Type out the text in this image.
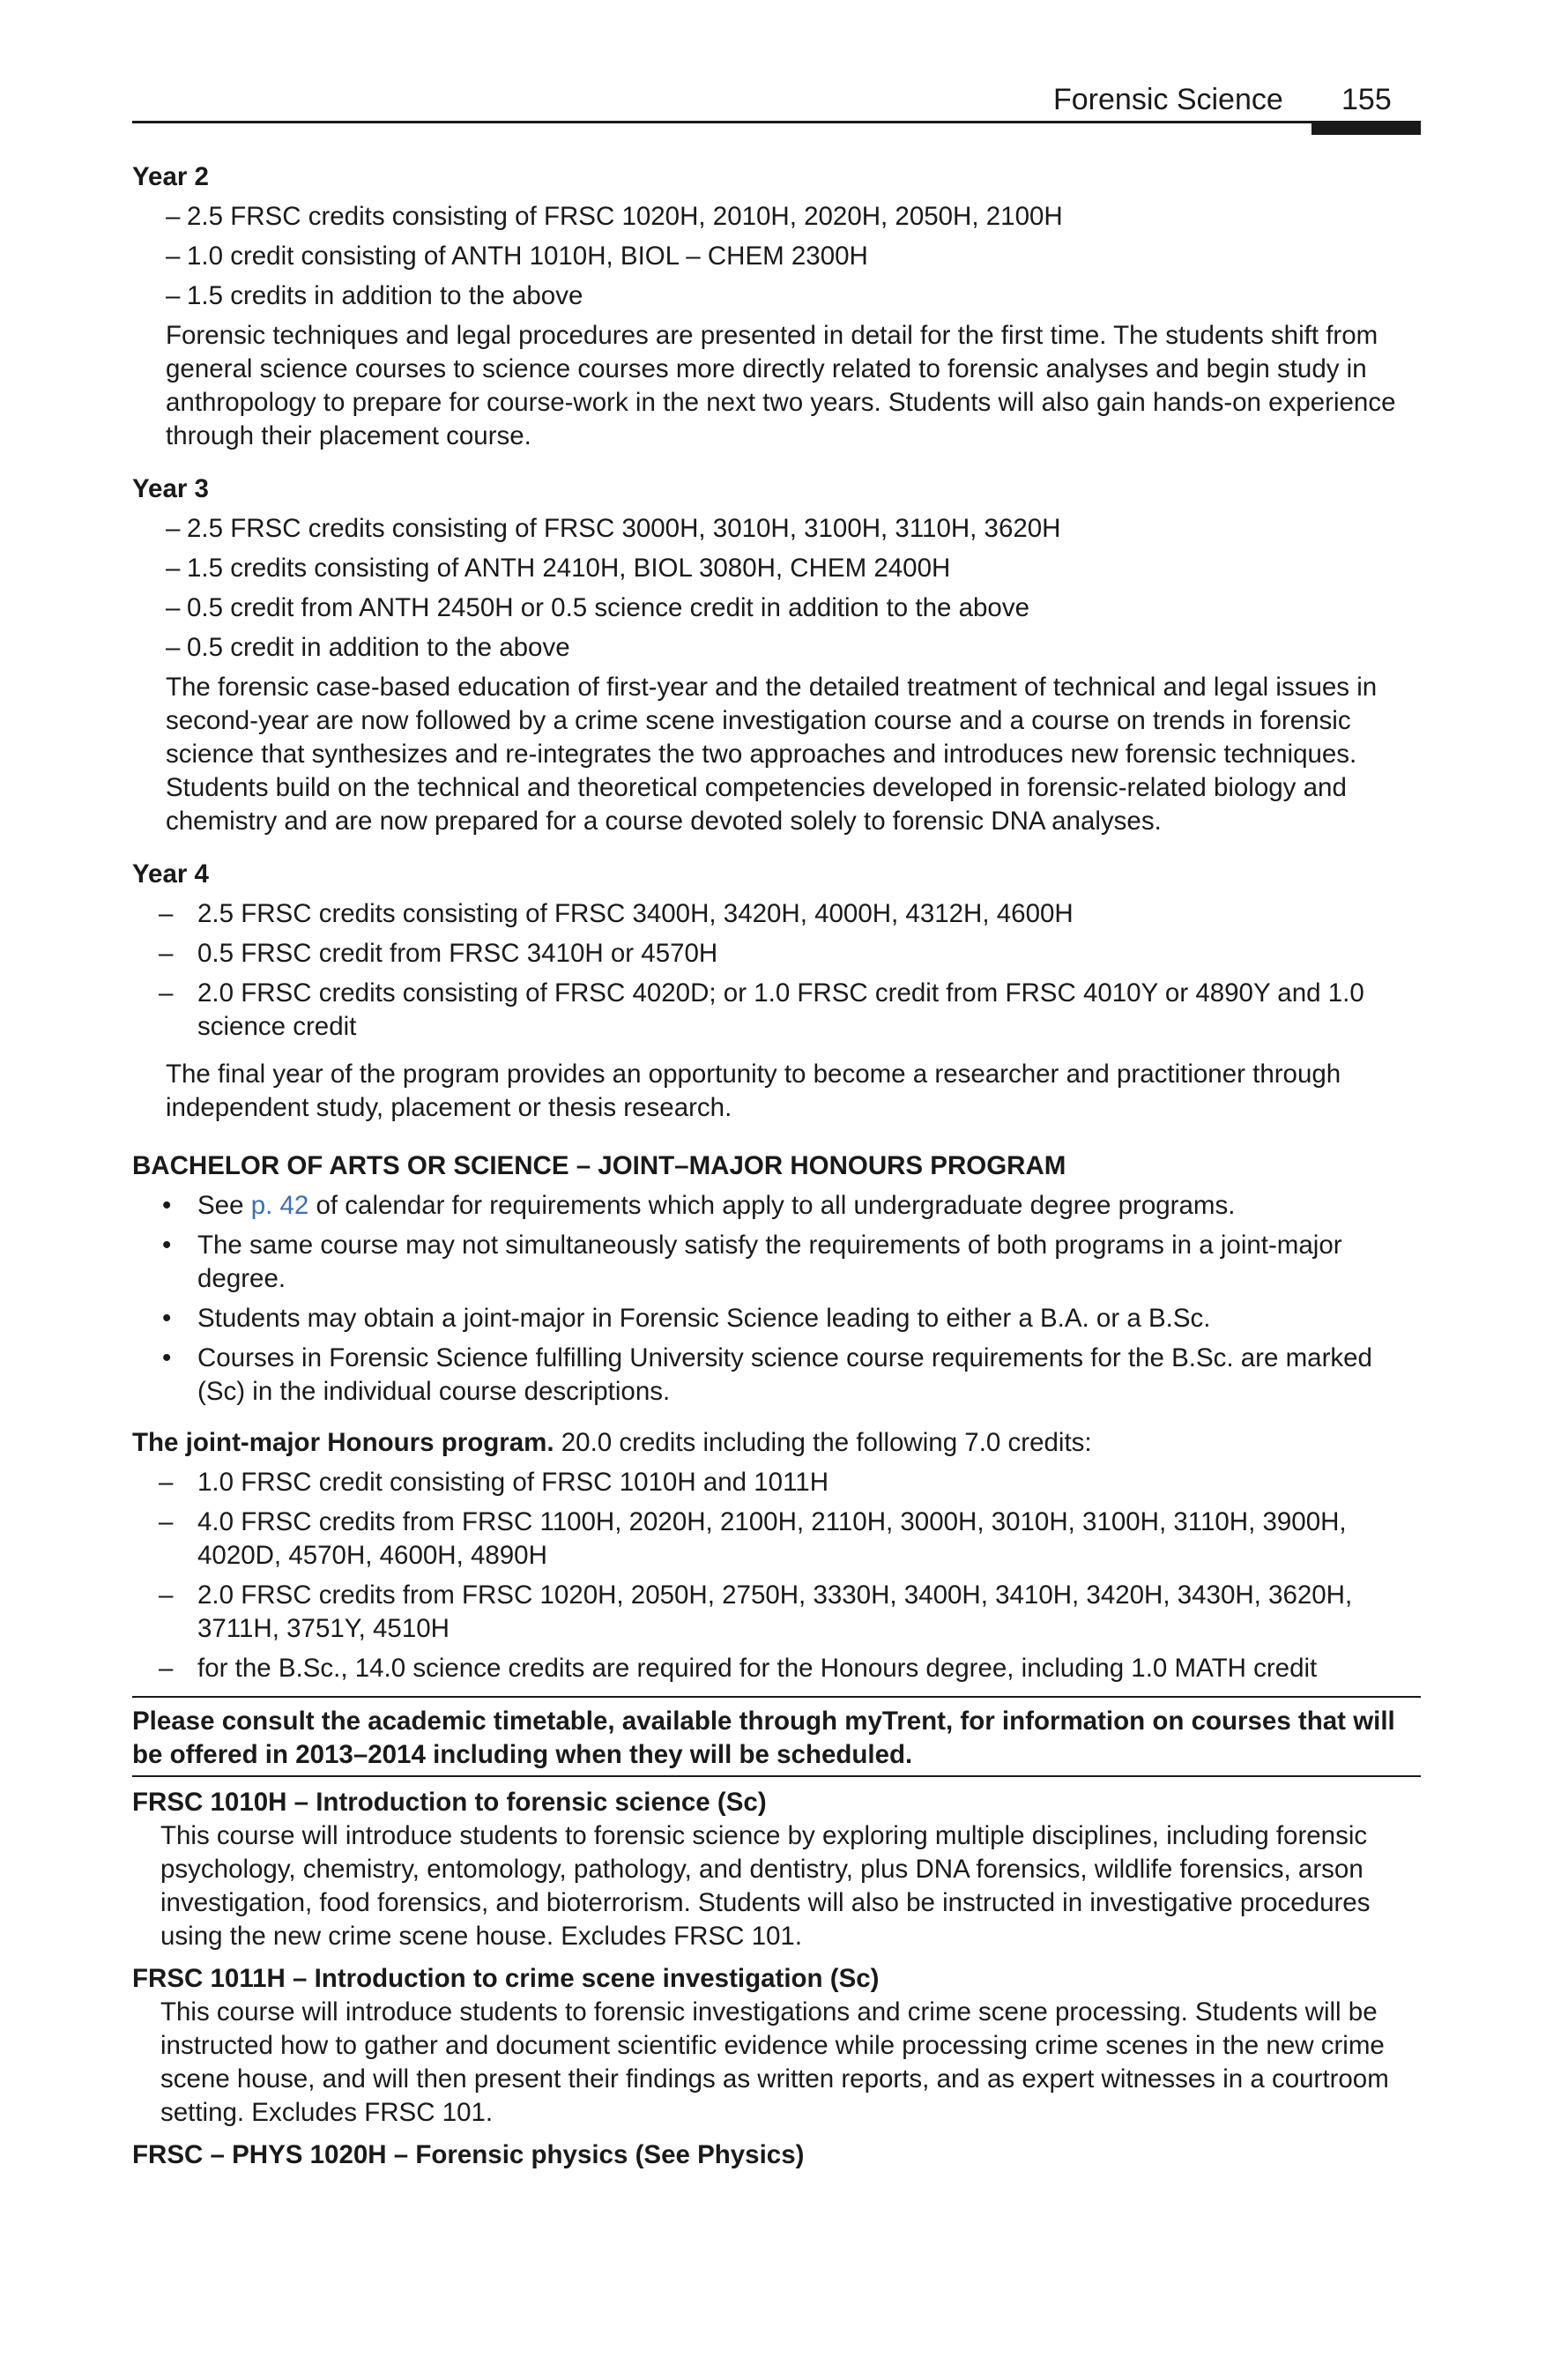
Forensic Science 155
Year 2
– 2.5 FRSC credits consisting of FRSC 1020H, 2010H, 2020H, 2050H, 2100H
– 1.0 credit consisting of ANTH 1010H, BIOL – CHEM 2300H
– 1.5 credits in addition to the above
Forensic techniques and legal procedures are presented in detail for the first time. The students shift from general science courses to science courses more directly related to forensic analyses and begin study in anthropology to prepare for course-work in the next two years. Students will also gain hands-on experience through their placement course.
Year 3
– 2.5 FRSC credits consisting of FRSC 3000H, 3010H, 3100H, 3110H, 3620H
– 1.5 credits consisting of ANTH 2410H, BIOL 3080H, CHEM 2400H
– 0.5 credit from ANTH 2450H or 0.5 science credit in addition to the above
– 0.5 credit in addition to the above
The forensic case-based education of first-year and the detailed treatment of technical and legal issues in second-year are now followed by a crime scene investigation course and a course on trends in forensic science that synthesizes and re-integrates the two approaches and introduces new forensic techniques. Students build on the technical and theoretical competencies developed in forensic-related biology and chemistry and are now prepared for a course devoted solely to forensic DNA analyses.
Year 4
– 2.5 FRSC credits consisting of FRSC 3400H, 3420H, 4000H, 4312H, 4600H
– 0.5 FRSC credit from FRSC 3410H or 4570H
– 2.0 FRSC credits consisting of FRSC 4020D; or 1.0 FRSC credit from FRSC 4010Y or 4890Y and 1.0 science credit
The final year of the program provides an opportunity to become a researcher and practitioner through independent study, placement or thesis research.
BACHELOR OF ARTS OR SCIENCE – JOINT–MAJOR HONOURS PROGRAM
• See p. 42 of calendar for requirements which apply to all undergraduate degree programs.
• The same course may not simultaneously satisfy the requirements of both programs in a joint-major degree.
• Students may obtain a joint-major in Forensic Science leading to either a B.A. or a B.Sc.
• Courses in Forensic Science fulfilling University science course requirements for the B.Sc. are marked (Sc) in the individual course descriptions.
The joint-major Honours program. 20.0 credits including the following 7.0 credits:
– 1.0 FRSC credit consisting of FRSC 1010H and 1011H
– 4.0 FRSC credits from FRSC 1100H, 2020H, 2100H, 2110H, 3000H, 3010H, 3100H, 3110H, 3900H, 4020D, 4570H, 4600H, 4890H
– 2.0 FRSC credits from FRSC 1020H, 2050H, 2750H, 3330H, 3400H, 3410H, 3420H, 3430H, 3620H, 3711H, 3751Y, 4510H
– for the B.Sc., 14.0 science credits are required for the Honours degree, including 1.0 MATH credit
Please consult the academic timetable, available through myTrent, for information on courses that will be offered in 2013–2014 including when they will be scheduled.
FRSC 1010H – Introduction to forensic science (Sc)
This course will introduce students to forensic science by exploring multiple disciplines, including forensic psychology, chemistry, entomology, pathology, and dentistry, plus DNA forensics, wildlife forensics, arson investigation, food forensics, and bioterrorism. Students will also be instructed in investigative procedures using the new crime scene house. Excludes FRSC 101.
FRSC 1011H – Introduction to crime scene investigation (Sc)
This course will introduce students to forensic investigations and crime scene processing. Students will be instructed how to gather and document scientific evidence while processing crime scenes in the new crime scene house, and will then present their findings as written reports, and as expert witnesses in a courtroom setting. Excludes FRSC 101.
FRSC – PHYS 1020H – Forensic physics (See Physics)
